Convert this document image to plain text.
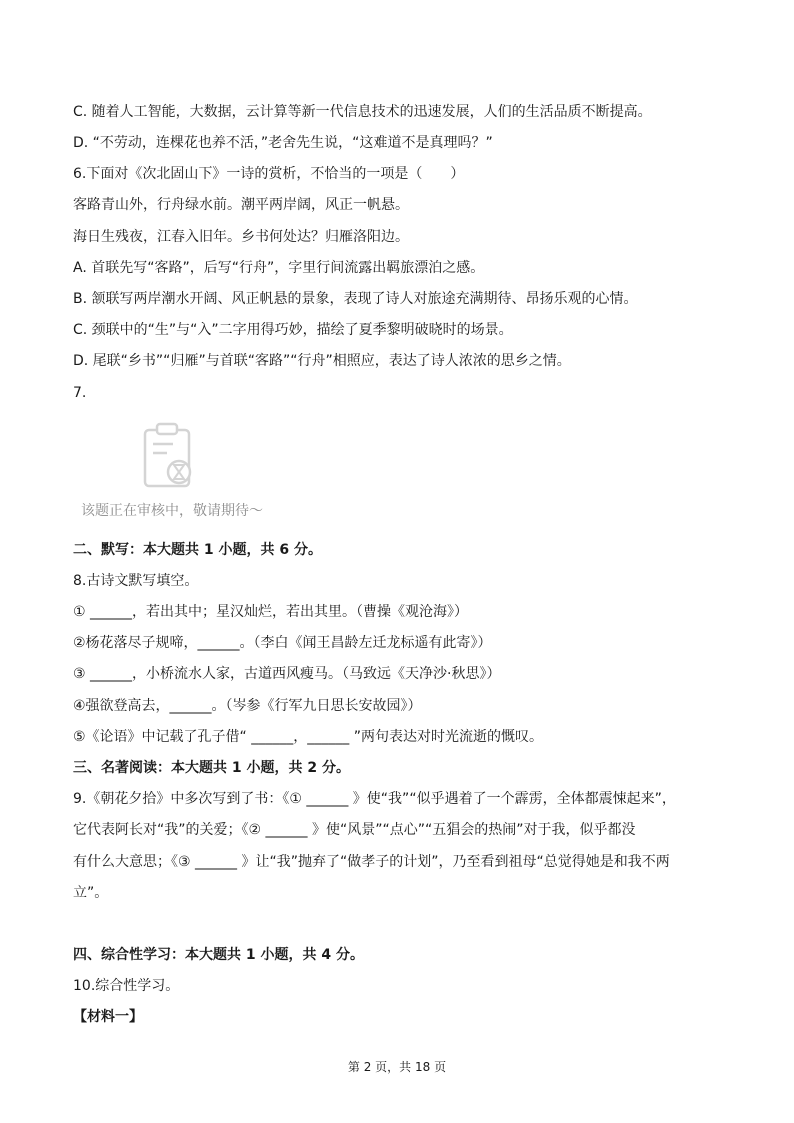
C. 随着人工智能，大数据，云计算等新一代信息技术的迅速发展，人们的生活品质不断提高。
D. “不劳动，连棵花也养不活，”老舍先生说，“这难道不是真理吗？”
6.下面对《次北固山下》一诗的赏析，不恰当的一项是（　　）
客路青山外，行舟绿水前。潮平两岸阔，风正一帆悬。
海日生残夜，江春入旧年。乡书何处达？归雁洛阳边。
A. 首联先写“客路”，后写“行舟”，字里行间流露出羁旅漂泊之感。
B. 颔联写两岸潮水开阔、风正帆悬的景象，表现了诗人对旅途充满期待、昂扬乐观的心情。
C. 颈联中的“生”与“入”二字用得巧妙，描绘了夏季黎明破晓时的场景。
D. 尾联“乡书”“归雁”与首联“客路”“行舟”相照应，表达了诗人浓浓的思乡之情。
7.
该题正在审核中，敬请期待～
二、默写：本大题共 1 小题，共 6 分。
8.古诗文默写填空。
① ______，若出其中；星汉灿烂，若出其里。（曹操《观沧海》）
②杨花落尽子规啼，______。（李白《闻王昌龄左迁龙标遥有此寄》）
③ ______，小桥流水人家，古道西风瘦马。（马致远《天净沙·秋思》）
④强欲登高去，______。（岑参《行军九日思长安故园》）
⑤《论语》中记载了孔子借“ ______，______ ”两句表达对时光流逝的慨叹。
三、名著阅读：本大题共 1 小题，共 2 分。
9.《朝花夕拾》中多次写到了书：《① ______ 》使“我”“似乎遇着了一个霹雳，全体都震悚起来”，
它代表阿长对“我”的关爱；《② ______ 》使“风景”“点心”“五猖会的热闹”对于我，似乎都没
有什么大意思；《③ ______ 》让“我”抛弃了“做孝子的计划”，乃至看到祖母“总觉得她是和我不两
立”。
四、综合性学习：本大题共 1 小题，共 4 分。
10.综合性学习。
【材料一】
第 2 页，共 18 页
